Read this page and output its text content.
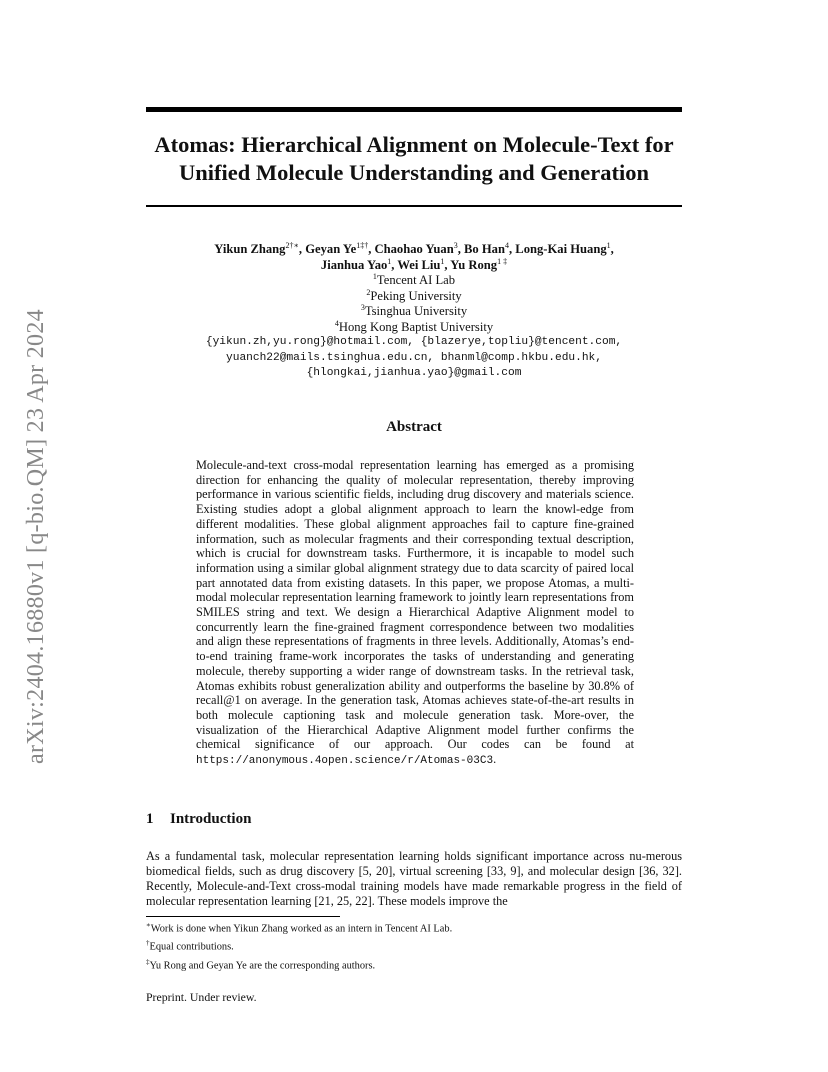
arXiv:2404.16880v1 [q-bio.QM] 23 Apr 2024
Atomas: Hierarchical Alignment on Molecule-Text for
Unified Molecule Understanding and Generation
Yikun Zhang$^{2\dagger∗}$, Geyan $Ye^{1\ddagger\dagger}$, Chaohao Yuan$^3$, Bo Han$^4$, Long-Kai Huang$^1$,
Jianhua Yao$^1$, Wei Liu$^1$, Yu Rong$^{1 \ddagger}$
$^1$Tencent AI Lab
$^2$Peking University
$^3$Tsinghua University
$^4$Hong Kong Baptist University
{yikun.zh,yu.rong}@hotmail.com, {blazerye,topliu}@tencent.com,
yuanch22@mails.tsinghua.edu.cn, bhanml@comp.hkbu.edu.hk,
{hlongkai,jianhua.yao}@gmail.com
Abstract

Molecule-and-text cross-modal representation learning has emerged as a promising direction for enhancing the quality of molecular representation, thereby improving performance in various scientific fields, including drug discovery and materials science. Existing studies adopt a global alignment approach to learn the knowl-edge from different modalities. These global alignment approaches fail to capture fine-grained information, such as molecular fragments and their corresponding textual description, which is crucial for downstream tasks. Furthermore, it is incapable to model such information using a similar global alignment strategy due to data scarcity of paired local part annotated data from existing datasets. In this paper, we propose Atomas, a multi-modal molecular representation learning framework to jointly learn representations from SMILES string and text. We design a Hierarchical Adaptive Alignment model to concurrently learn the fine-grained fragment correspondence between two modalities and align these representations of fragments in three levels. Additionally, Atomas’s end-to-end training frame-work incorporates the tasks of understanding and generating molecule, thereby supporting a wider range of downstream tasks. In the retrieval task, Atomas exhibits robust generalization ability and outperforms the baseline by 30.8% of recall@1 on average. In the generation task, Atomas achieves state-of-the-art results in both molecule captioning task and molecule generation task. More-over, the visualization of the Hierarchical Adaptive Alignment model further confirms the chemical significance of our approach. Our codes can be found at https://anonymous.4open.science/r/Atomas-03C3.

1 Introduction

As a fundamental task, molecular representation learning holds significant importance across nu-merous biomedical fields, such as drug discovery [5, 20], virtual screening [33, 9], and molecular design [36, 32]. Recently, Molecule-and-Text cross-modal training models have made remarkable progress in the field of molecular representation learning [21, 25, 22]. These models improve the

∗Work is done when Yikun Zhang worked as an intern in Tencent AI Lab.
†Equal contributions.
‡Yu Rong and Geyan Ye are the corresponding authors.
Preprint. Under review.
